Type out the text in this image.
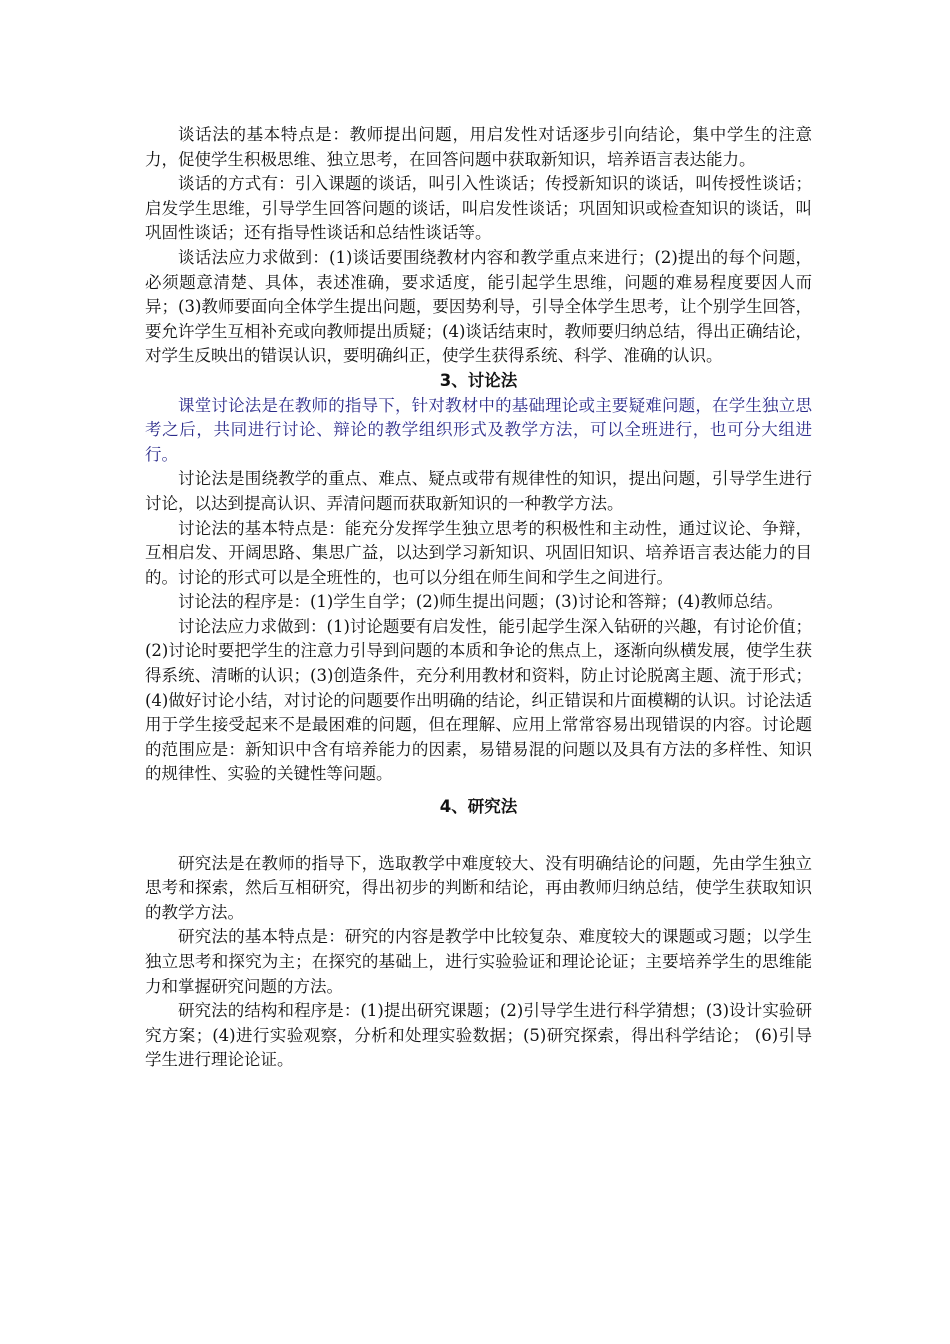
谈话法的基本特点是：教师提出问题，用启发性对话逐步引向结论，集中学生的注意力，促使学生积极思维、独立思考，在回答问题中获取新知识，培养语言表达能力。

谈话的方式有：引入课题的谈话，叫引入性谈话；传授新知识的谈话，叫传授性谈话；启发学生思维，引导学生回答问题的谈话，叫启发性谈话；巩固知识或检查知识的谈话，叫巩固性谈话；还有指导性谈话和总结性谈话等。

谈话法应力求做到：(1)谈话要围绕教材内容和教学重点来进行；(2)提出的每个问题，必须题意清楚、具体，表述准确，要求适度，能引起学生思维，问题的难易程度要因人而异；(3)教师要面向全体学生提出问题，要因势利导，引导全体学生思考，让个别学生回答，要允许学生互相补充或向教师提出质疑；(4)谈话结束时，教师要归纳总结，得出正确结论，对学生反映出的错误认识，要明确纠正，使学生获得系统、科学、准确的认识。

3、讨论法

课堂讨论法是在教师的指导下，针对教材中的基础理论或主要疑难问题，在学生独立思考之后，共同进行讨论、辩论的教学组织形式及教学方法，可以全班进行，也可分大组进行。

讨论法是围绕教学的重点、难点、疑点或带有规律性的知识，提出问题，引导学生进行讨论，以达到提高认识、弄清问题而获取新知识的一种教学方法。

讨论法的基本特点是：能充分发挥学生独立思考的积极性和主动性，通过议论、争辩，互相启发、开阔思路、集思广益，以达到学习新知识、巩固旧知识、培养语言表达能力的目的。讨论的形式可以是全班性的，也可以分组在师生间和学生之间进行。

讨论法的程序是：(1)学生自学；(2)师生提出问题；(3)讨论和答辩；(4)教师总结。

讨论法应力求做到：(1)讨论题要有启发性，能引起学生深入钻研的兴趣，有讨论价值；(2)讨论时要把学生的注意力引导到问题的本质和争论的焦点上，逐渐向纵横发展，使学生获得系统、清晰的认识；(3)创造条件，充分利用教材和资料，防止讨论脱离主题、流于形式；(4)做好讨论小结，对讨论的问题要作出明确的结论，纠正错误和片面模糊的认识。讨论法适用于学生接受起来不是最困难的问题，但在理解、应用上常常容易出现错误的内容。讨论题的范围应是：新知识中含有培养能力的因素，易错易混的问题以及具有方法的多样性、知识的规律性、实验的关键性等问题。

4、研究法

研究法是在教师的指导下，选取教学中难度较大、没有明确结论的问题，先由学生独立思考和探索，然后互相研究，得出初步的判断和结论，再由教师归纳总结，使学生获取知识的教学方法。

研究法的基本特点是：研究的内容是教学中比较复杂、难度较大的课题或习题；以学生独立思考和探究为主；在探究的基础上，进行实验验证和理论论证；主要培养学生的思维能力和掌握研究问题的方法。

研究法的结构和程序是：(1)提出研究课题；(2)引导学生进行科学猜想；(3)设计实验研究方案；(4)进行实验观察，分析和处理实验数据；(5)研究探索，得出科学结论； (6)引导学生进行理论论证。
